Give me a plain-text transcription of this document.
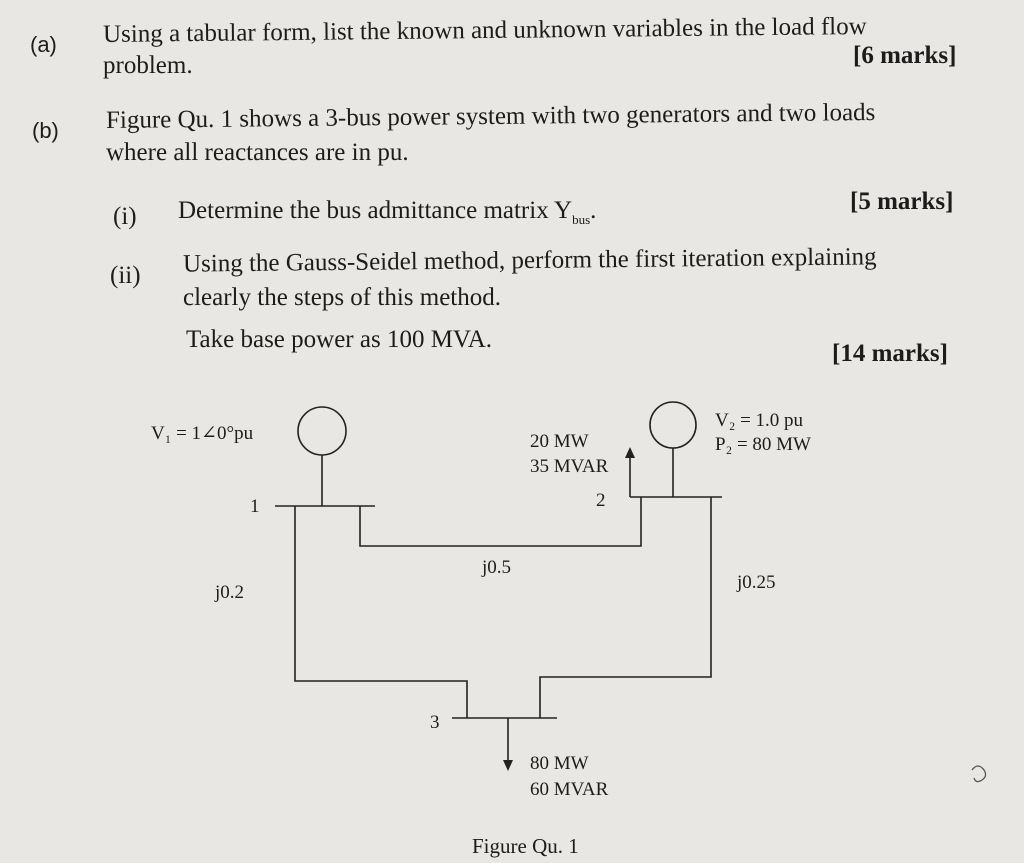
(a) Using a tabular form, list the known and unknown variables in the load flow
problem.	[6 marks]
(b) Figure Qu. 1 shows a 3-bus power system with two generators and two loads
where all reactances are in pu.
(i) Determine the bus admittance matrix $Y_{bus}$.	[5 marks]
(ii) Using the Gauss-Seidel method, perform the first iteration explaining
clearly the steps of this method.
Take base power as 100 MVA.
[14 marks]
V₁ = 1∠0°pu	20 MW
35 MVAR
V₂ = 1.0 pu
P₂ = 80 MW
1	2
3
j0.5
j0.2	j0.25
80 MW
60 MVAR
Figure Qu. 1
